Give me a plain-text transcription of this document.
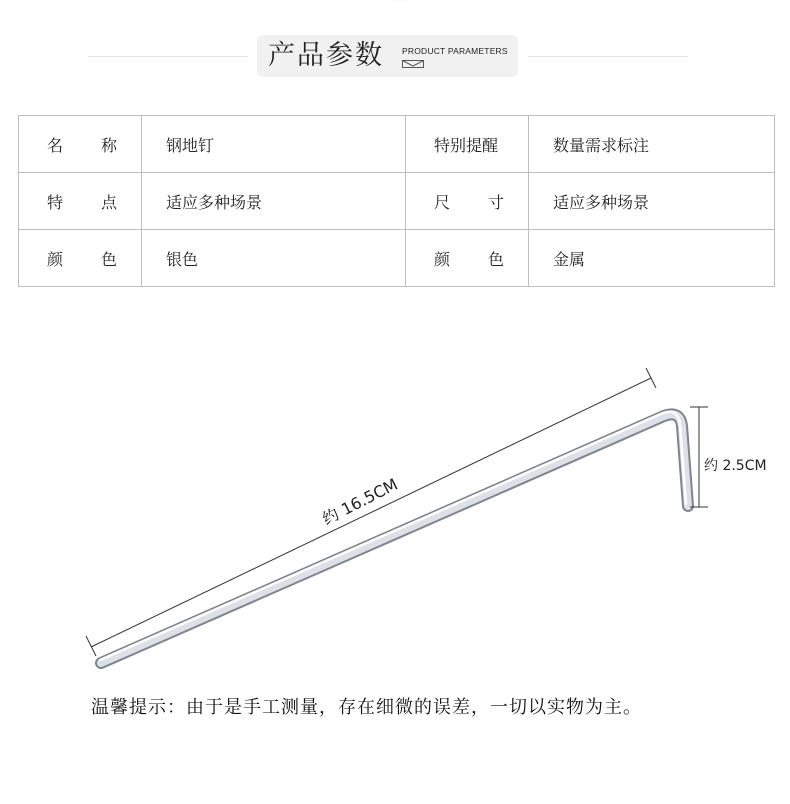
产品参数 PRODUCT PARAMETERS
名 称	钢地钉	特别提醒	数量需求标注
特 点	适应多种场景	尺 寸	适应多种场景
颜 色	银色	颜 色	金属
约 16.5CM
约 2.5CM
温馨提示：由于是手工测量，存在细微的误差，一切以实物为主。
